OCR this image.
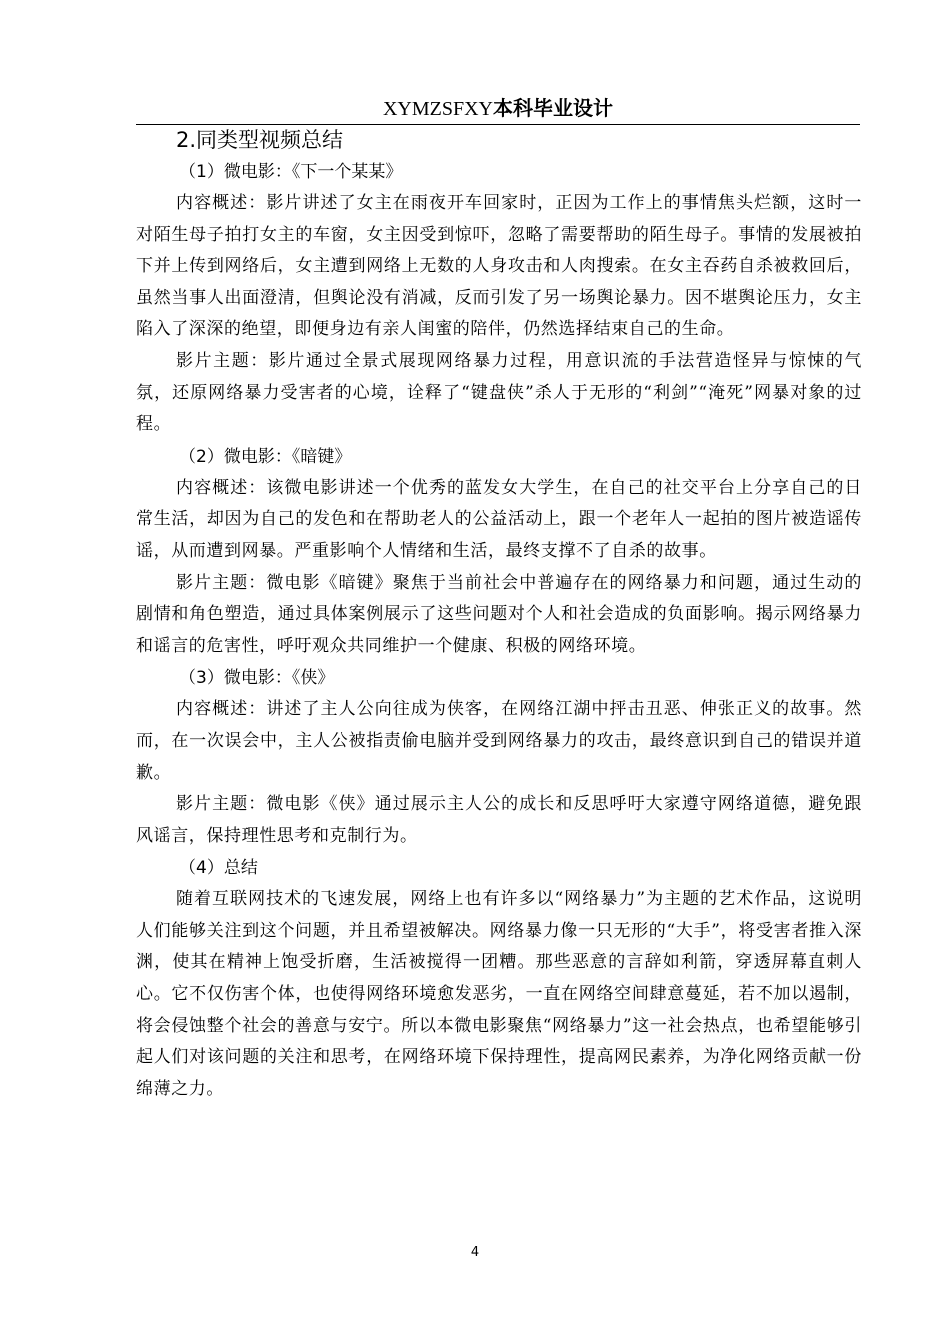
XYMZSFXY本科毕业设计
2.同类型视频总结
（1）微电影：《下一个某某》

内容概述：影片讲述了女主在雨夜开车回家时，正因为工作上的事情焦头烂额，这时一对陌生母子拍打女主的车窗，女主因受到惊吓，忽略了需要帮助的陌生母子。事情的发展被拍下并上传到网络后，女主遭到网络上无数的人身攻击和人肉搜索。在女主吞药自杀被救回后，虽然当事人出面澄清，但舆论没有消减，反而引发了另一场舆论暴力。因不堪舆论压力，女主陷入了深深的绝望，即便身边有亲人闺蜜的陪伴，仍然选择结束自己的生命。

影片主题：影片通过全景式展现网络暴力过程，用意识流的手法营造怪异与惊悚的气氛，还原网络暴力受害者的心境，诠释了“键盘侠”杀人于无形的“利剑”“淹死”网暴对象的过程。

（2）微电影：《暗键》

内容概述：该微电影讲述一个优秀的蓝发女大学生，在自己的社交平台上分享自己的日常生活，却因为自己的发色和在帮助老人的公益活动上，跟一个老年人一起拍的图片被造谣传谣，从而遭到网暴。严重影响个人情绪和生活，最终支撑不了自杀的故事。

影片主题：微电影《暗键》聚焦于当前社会中普遍存在的网络暴力和问题，通过生动的剧情和角色塑造，通过具体案例展示了这些问题对个人和社会造成的负面影响。揭示网络暴力和谣言的危害性，呼吁观众共同维护一个健康、积极的网络环境。

（3）微电影：《侠》

内容概述：讲述了主人公向往成为侠客，在网络江湖中抨击丑恶、伸张正义的故事。然而，在一次误会中，主人公被指责偷电脑并受到网络暴力的攻击，最终意识到自己的错误并道歉。

影片主题：微电影《侠》通过展示主人公的成长和反思呼吁大家遵守网络道德，避免跟风谣言，保持理性思考和克制行为。

（4）总结

随着互联网技术的飞速发展，网络上也有许多以“网络暴力”为主题的艺术作品，这说明人们能够关注到这个问题，并且希望被解决。网络暴力像一只无形的“大手”，将受害者推入深渊，使其在精神上饱受折磨，生活被搅得一团糟。那些恶意的言辞如利箭，穿透屏幕直刺人心。它不仅伤害个体，也使得网络环境愈发恶劣，一直在网络空间肆意蔓延，若不加以遏制，将会侵蚀整个社会的善意与安宁。所以本微电影聚焦“网络暴力”这一社会热点，也希望能够引起人们对该问题的关注和思考，在网络环境下保持理性，提高网民素养，为净化网络贡献一份绵薄之力。

4
